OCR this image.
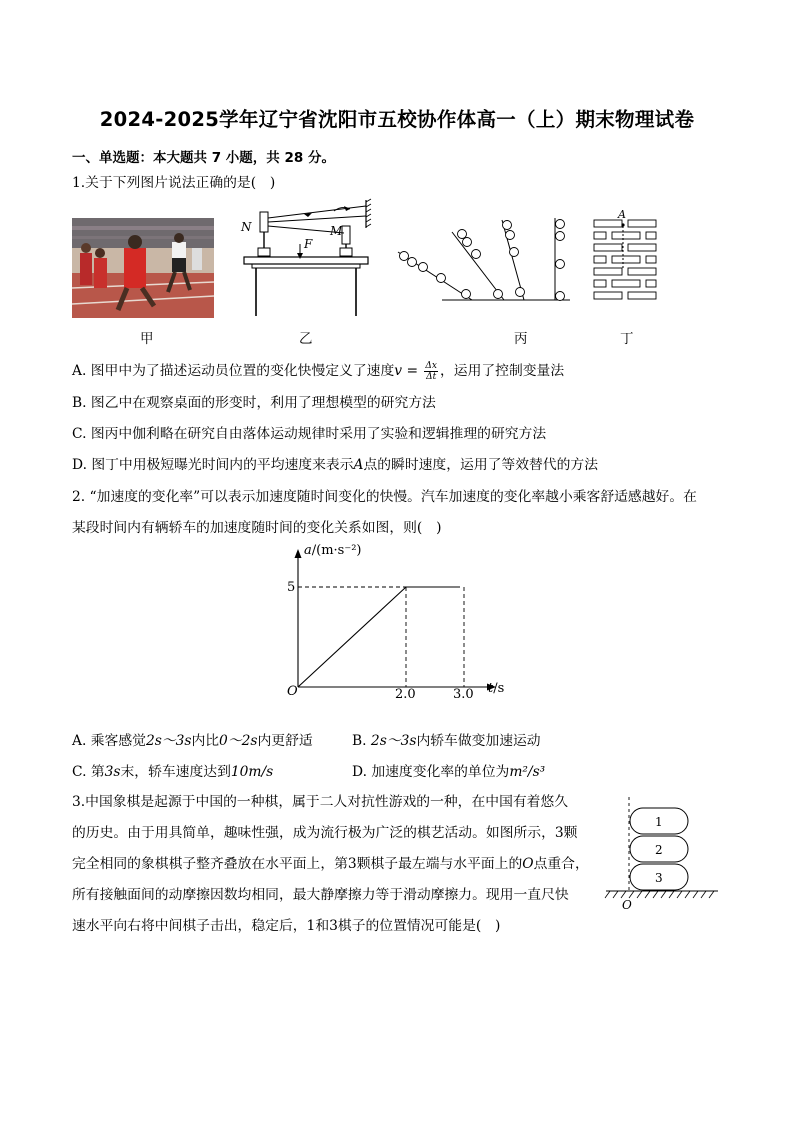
2024-2025学年辽宁省沈阳市五校协作体高一（上）期末物理试卷
一、单选题：本大题共 7 小题，共 28 分。
1.关于下列图片说法正确的是(　)
甲
N
F
M
乙	丙
A
丁
A. 图甲中为了描述运动员位置的变化快慢定义了速度$v = \frac{\Delta x}{\Delta t}$ ，运用了控制变量法
B. 图乙中在观察桌面的形变时，利用了理想模型的研究方法
C. 图丙中伽利略在研究自由落体运动规律时采用了实验和逻辑推理的研究方法
D. 图丁中用极短曝光时间内的平均速度来表示A点的瞬时速度，运用了等效替代的方法
2. “加速度的变化率”可以表示加速度随时间变化的快慢。汽车加速度的变化率越小乘客舒适感越好。在
某段时间内有辆轿车的加速度随时间的变化关系如图，则(　)
a/(m·s⁻²)
t/s
O
5
2.0	3.0
A. 乘客感觉2s～3s内比0～2s内更舒适	B. 2s～3s内轿车做变加速运动
C. 第3s末，轿车速度达到10m/s	D. 加速度变化率的单位为m²/s³
3.中国象棋是起源于中国的一种棋，属于二人对抗性游戏的一种，在中国有着悠久
的历史。由于用具简单，趣味性强，成为流行极为广泛的棋艺活动。如图所示，3颗
完全相同的象棋棋子整齐叠放在水平面上，第3颗棋子最左端与水平面上的O点重合，
所有接触面间的动摩擦因数均相同，最大静摩擦力等于滑动摩擦力。现用一直尺快
速水平向右将中间棋子击出，稳定后，1和3棋子的位置情况可能是(　)
1
2
3
O
